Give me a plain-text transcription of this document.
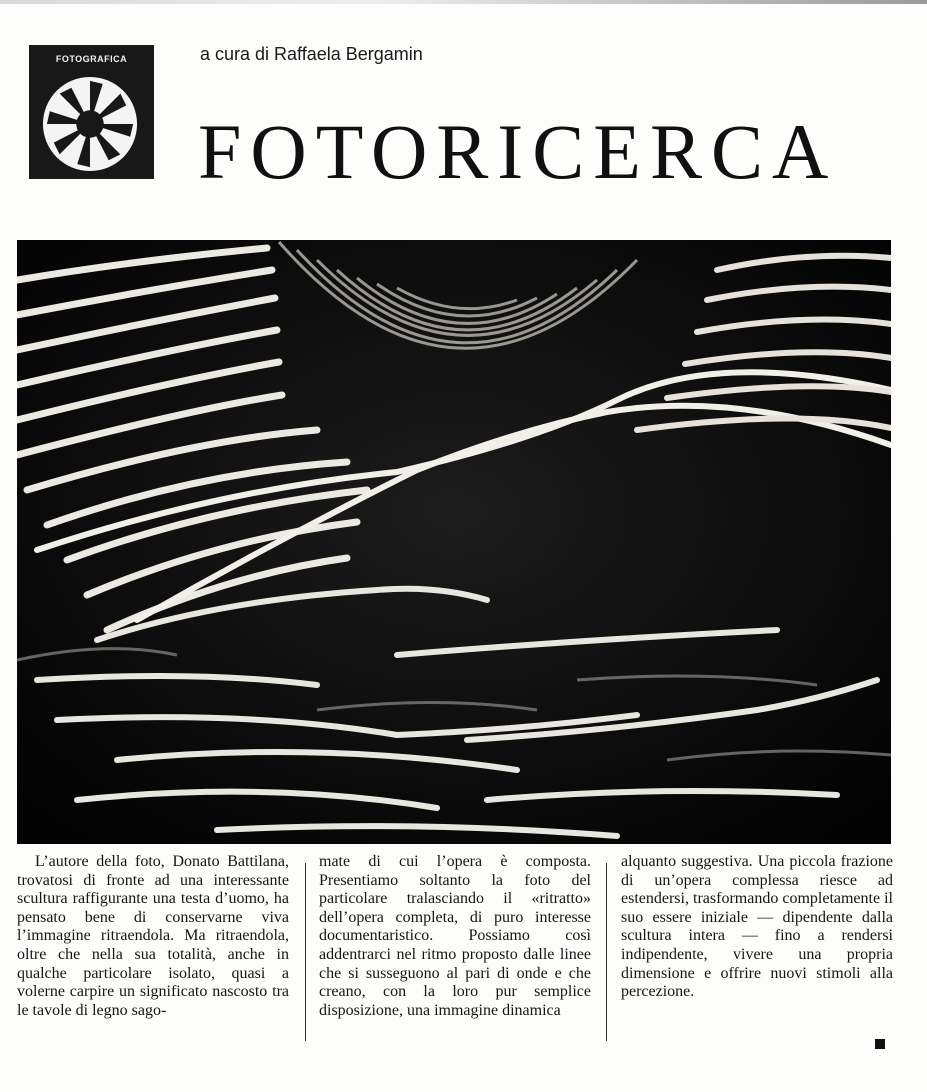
FOTOGRAFICA	a cura di Raffaela Bergamin
FOTORICERCA

L’autore della foto, Donato Battilana, trovatosi di fronte ad una interessante scultura raffigurante una testa d’uomo, ha pensato bene di conservarne viva l’immagine ritraendola. Ma ritraendola, oltre che nella sua totalità, anche in qualche particolare isolato, quasi a volerne carpire un significato nascosto tra le tavole di legno sago-

mate di cui l’opera è composta. Presentiamo soltanto la foto del particolare tralasciando il «ritratto» dell’opera completa, di puro interesse documentaristico. Possiamo così addentrarci nel ritmo proposto dalle linee che si susseguono al pari di onde e che creano, con la loro pur semplice disposizione, una immagine dinamica

alquanto suggestiva. Una piccola frazione di un’opera complessa riesce ad estendersi, trasformando completamente il suo essere iniziale — dipendente dalla scultura intera — fino a rendersi indipendente, vivere una propria dimensione e offrire nuovi stimoli alla percezione.
